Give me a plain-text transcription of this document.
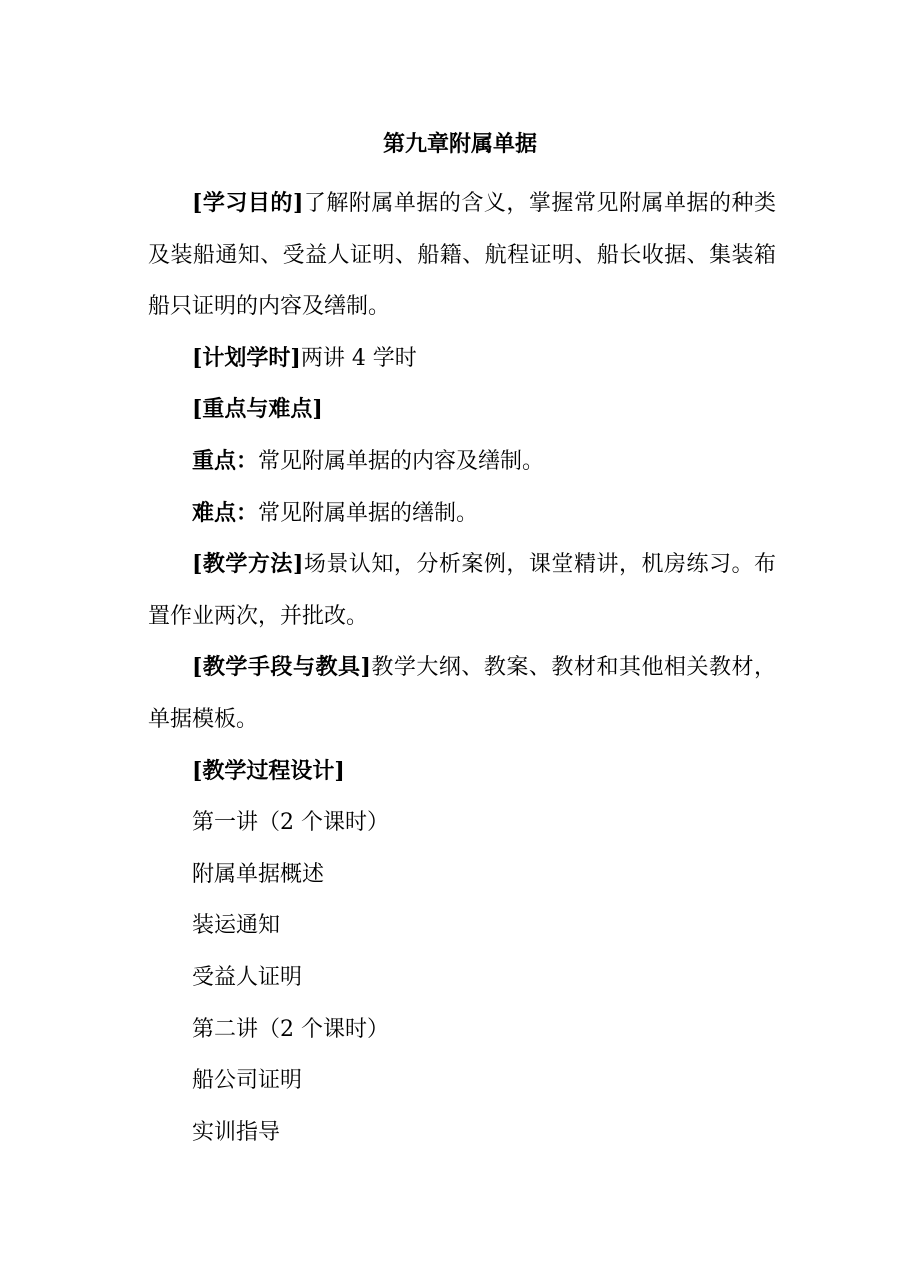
第九章附属单据

[学习目的]了解附属单据的含义，掌握常见附属单据的种类及装船通知、受益人证明、船籍、航程证明、船长收据、集装箱船只证明的内容及缮制。

[计划学时]两讲 4 学时

[重点与难点]

重点：常见附属单据的内容及缮制。

难点：常见附属单据的缮制。

[教学方法]场景认知，分析案例，课堂精讲，机房练习。布置作业两次，并批改。

[教学手段与教具]教学大纲、教案、教材和其他相关教材，单据模板。

[教学过程设计]

第一讲（2 个课时）

附属单据概述

装运通知

受益人证明

第二讲（2 个课时）

船公司证明

实训指导
